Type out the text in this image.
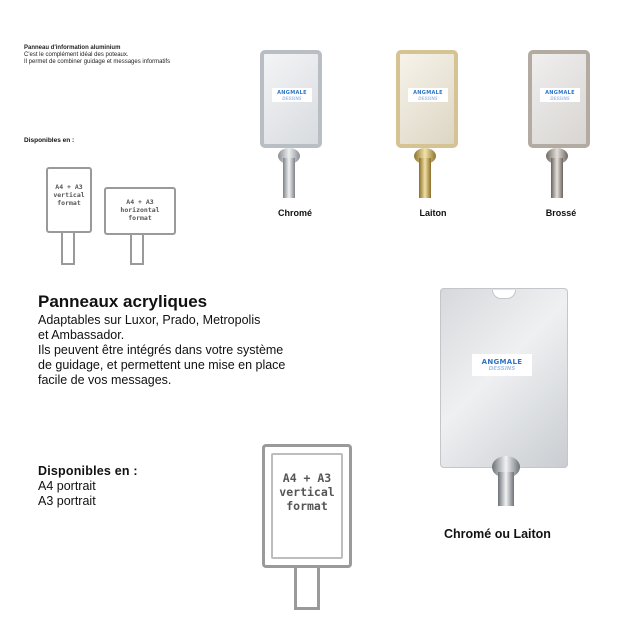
Panneau d'information aluminium
C'est le complément idéal des poteaux.
Il permet de combiner guidage et messages informatifs
Disponibles en :
A4 + A3
vertical
format	A4 + A3
horizontal
format
ANGMALE
DESSINS
Chromé
ANGMALE
DESSINS
Laiton
ANGMALE
DESSINS
Brossé
Panneaux acryliques
Adaptables sur Luxor, Prado, Metropolis
et Ambassador.
Ils peuvent être intégrés dans votre système
de guidage, et permettent une mise en place
facile de vos messages.
Disponibles en :
A4 portrait
A3 portrait
A4 + A3
vertical
format
ANGMALE
DESSINS
Chromé ou Laiton
